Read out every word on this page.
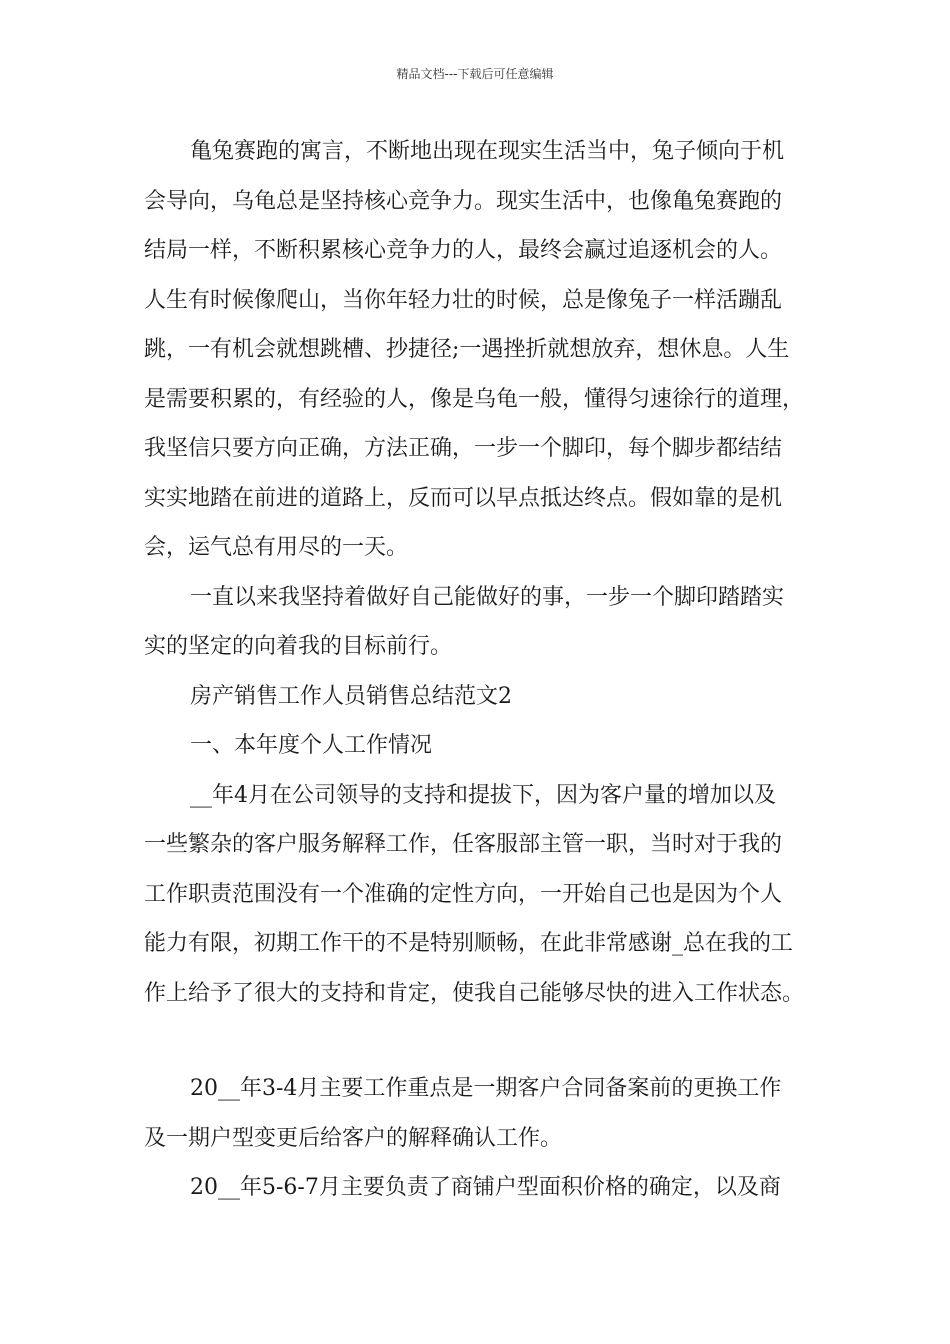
精品文档---下载后可任意编辑
亀兔赛跑的寓言，不断地出现在现实生活当中，兔子倾向于机
会导向，乌龟总是坚持核心竞争力。现实生活中，也像亀兔赛跑的
结局一样，不断积累核心竞争力的人，最终会赢过追逐机会的人。
人生有时候像爬山，当你年轻力壮的时候，总是像兔子一样活蹦乱
跳，一有机会就想跳槽、抄捷径;一遇挫折就想放弃，想休息。人生
是需要积累的，有经验的人，像是乌龟一般，懂得匀速徐行的道理，
我坚信只要方向正确，方法正确，一步一个脚印，每个脚步都结结
实实地踏在前进的道路上，反而可以早点抵达终点。假如靠的是机
会，运气总有用尽的一天。
一直以来我坚持着做好自己能做好的事，一步一个脚印踏踏实
实的坚定的向着我的目标前行。
房产销售工作人员销售总结范文2
一、本年度个人工作情况
__年4月在公司领导的支持和提拔下，因为客户量的增加以及
一些繁杂的客户服务解释工作，任客服部主管一职，当时对于我的
工作职责范围没有一个准确的定性方向，一开始自己也是因为个人
能力有限，初期工作干的不是特别顺畅，在此非常感谢_总在我的工
作上给予了很大的支持和肯定，使我自己能够尽快的进入工作状态。
20__年3-4月主要工作重点是一期客户合同备案前的更换工作
及一期户型变更后给客户的解释确认工作。
20__年5-6-7月主要负责了商铺户型面积价格的确定，以及商
